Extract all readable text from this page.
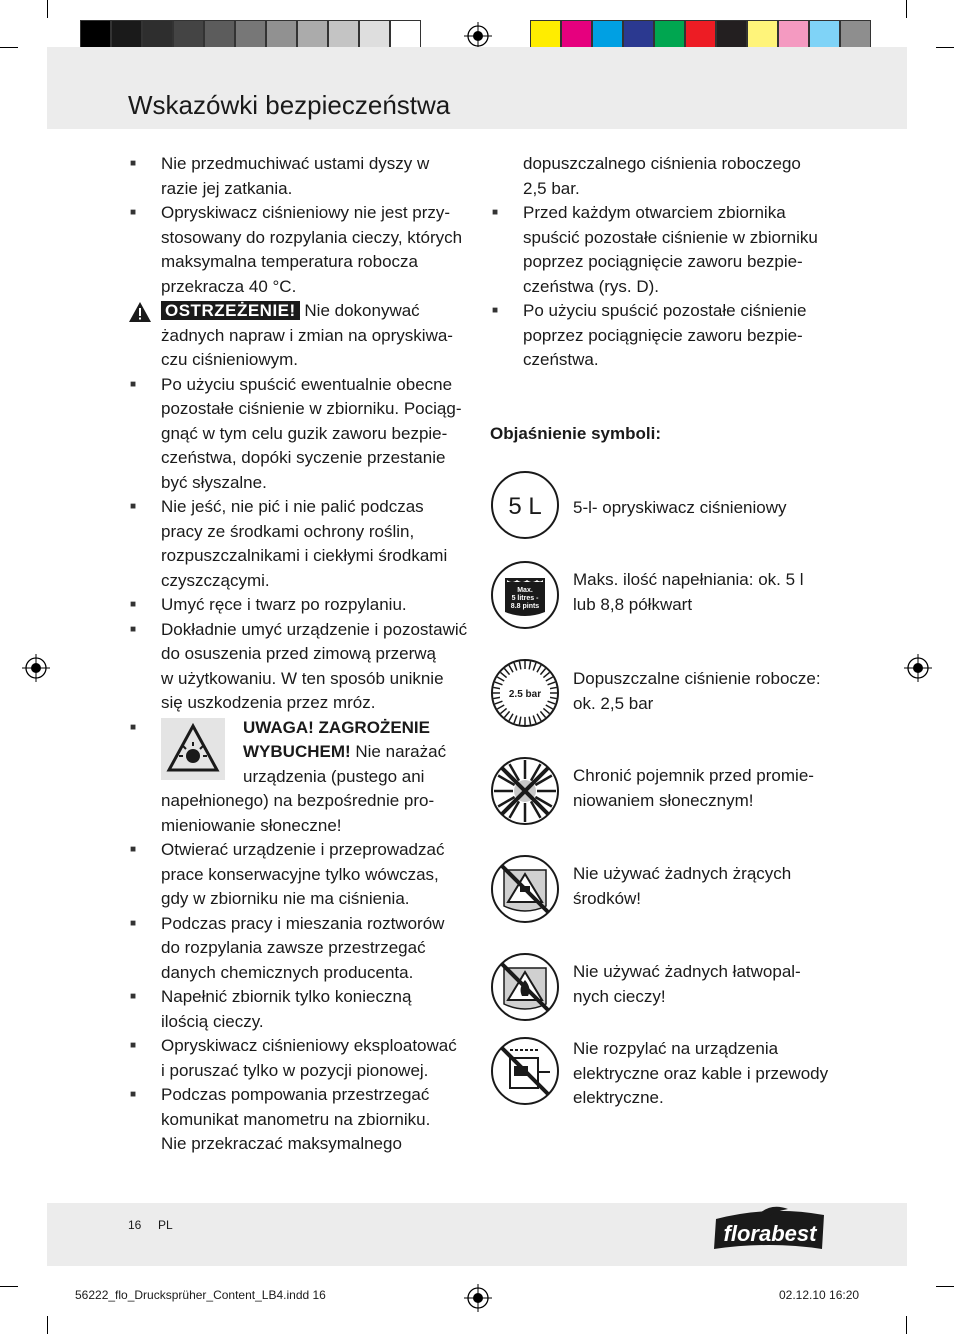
Wskazówki bezpieczeństwa
■ Nie przedmuchiwać ustami dyszy w
razie jej zatkania.
■ Opryskiwacz ciśnieniowy nie jest przy-
stosowany do rozpylania cieczy, których
maksymalna temperatura robocza
przekracza 40 °C.
OSTRZEŻENIE! Nie dokonywać
żadnych napraw i zmian na opryskiwa-
czu ciśnieniowym.
■ Po użyciu spuścić ewentualnie obecne
pozostałe ciśnienie w zbiorniku. Pociąg-
gnąć w tym celu guzik zaworu bezpie-
czeństwa, dopóki syczenie przestanie
być słyszalne.
■ Nie jeść, nie pić i nie palić podczas
pracy ze środkami ochrony roślin,
rozpuszczalnikami i ciekłymi środkami
czyszczącymi.
■ Umyć ręce i twarz po rozpylaniu.
■ Dokładnie umyć urządzenie i pozostawić
do osuszenia przed zimową przerwą
w użytkowaniu. W ten sposób uniknie
się uszkodzenia przez mróz.
■	UWAGA! ZAGROŻENIE
WYBUCHEM! Nie narażać
urządzenia (pustego ani
napełnionego) na bezpośrednie pro-
mieniowanie słoneczne!
■ Otwierać urządzenie i przeprowadzać
prace konserwacyjne tylko wówczas,
gdy w zbiorniku nie ma ciśnienia.
■ Podczas pracy i mieszania roztworów
do rozpylania zawsze przestrzegać
danych chemicznych producenta.
■ Napełnić zbiornik tylko konieczną
ilością cieczy.
■ Opryskiwacz ciśnieniowy eksploatować
i poruszać tylko w pozycji pionowej.
■ Podczas pompowania przestrzegać
komunikat manometru na zbiorniku.
Nie przekraczać maksymalnego
dopuszczalnego ciśnienia roboczego
2,5 bar.
■ Przed każdym otwarciem zbiornika
spuścić pozostałe ciśnienie w zbiorniku
poprzez pociągnięcie zaworu bezpie-
czeństwa (rys. D).
■ Po użyciu spuścić pozostałe ciśnienie
poprzez pociągnięcie zaworu bezpie-
czeństwa.
Objaśnienie symboli:
5 L 5-l- opryskiwacz ciśnieniowy
Max.
5 litres -
8.8 pints
Maks. ilość napełniania: ok. 5 l
lub 8,8 półkwart
2.5 bar
Dopuszczalne ciśnienie robocze:
ok. 2,5 bar
Chronić pojemnik przed promie-
niowaniem słonecznym!
Nie używać żadnych żrących
środków!
Nie używać żadnych łatwopal-
nych cieczy!
Nie rozpylać na urządzenia
elektryczne oraz kable i przewody
elektryczne.
16 PL	florabest
56222_flo_Drucksprüher_Content_LB4.indd 16	02.12.10 16:20
